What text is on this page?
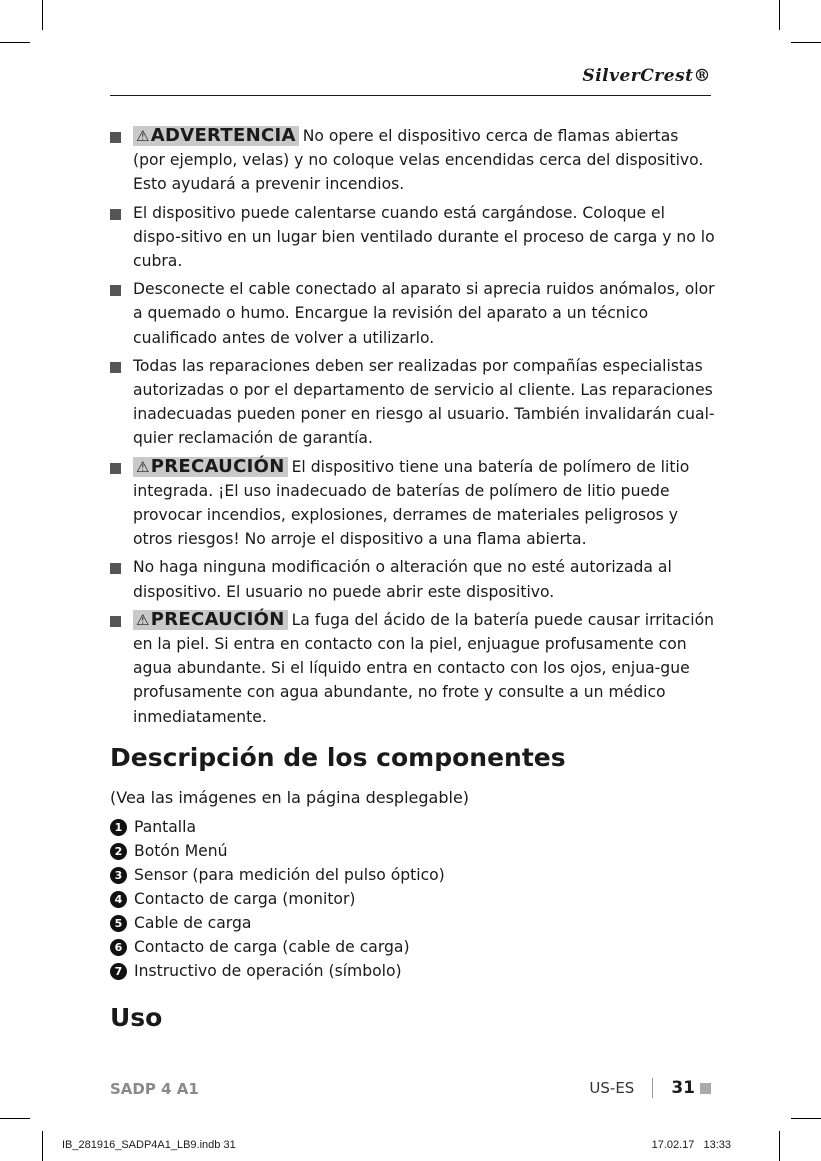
SilverCrest®
⚠ADVERTENCIA No opere el dispositivo cerca de flamas abiertas (por ejemplo, velas) y no coloque velas encendidas cerca del dispositivo. Esto ayudará a prevenir incendios.
El dispositivo puede calentarse cuando está cargándose. Coloque el dispo-sitivo en un lugar bien ventilado durante el proceso de carga y no lo cubra.
Desconecte el cable conectado al aparato si aprecia ruidos anómalos, olor a quemado o humo. Encargue la revisión del aparato a un técnico cualificado antes de volver a utilizarlo.
Todas las reparaciones deben ser realizadas por compañías especialistas autorizadas o por el departamento de servicio al cliente. Las reparaciones inadecuadas pueden poner en riesgo al usuario. También invalidarán cual-quier reclamación de garantía.
⚠PRECAUCIÓN El dispositivo tiene una batería de polímero de litio integrada. ¡El uso inadecuado de baterías de polímero de litio puede provocar incendios, explosiones, derrames de materiales peligrosos y otros riesgos! No arroje el dispositivo a una flama abierta.
No haga ninguna modificación o alteración que no esté autorizada al dispositivo. El usuario no puede abrir este dispositivo.
⚠PRECAUCIÓN La fuga del ácido de la batería puede causar irritación en la piel. Si entra en contacto con la piel, enjuague profusamente con agua abundante. Si el líquido entra en contacto con los ojos, enjua-gue profusamente con agua abundante, no frote y consulte a un médico inmediatamente.
Descripción de los componentes
(Vea las imágenes en la página desplegable)
1 Pantalla
2 Botón Menú
3 Sensor (para medición del pulso óptico)
4 Contacto de carga (monitor)
5 Cable de carga
6 Contacto de carga (cable de carga)
7 Instructivo de operación (símbolo)
Uso
SADP 4 A1	US-ES 31
IB_281916_SADP4A1_LB9.indb 31	17.02.17 13:33
